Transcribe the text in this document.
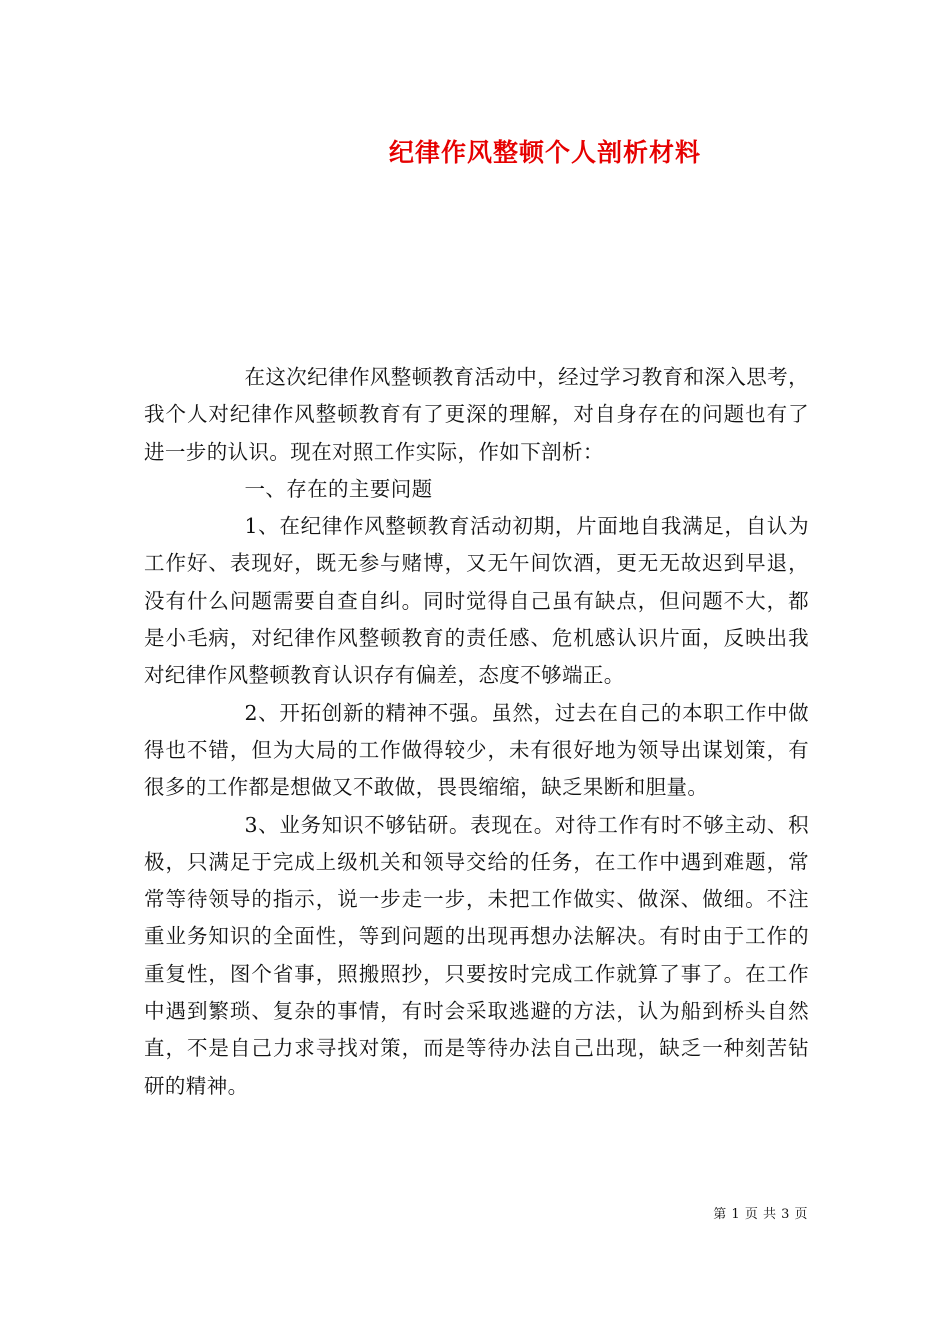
纪律作风整顿个人剖析材料

在这次纪律作风整顿教育活动中，经过学习教育和深入思考，我个人对纪律作风整顿教育有了更深的理解，对自身存在的问题也有了进一步的认识。现在对照工作实际，作如下剖析：

一、存在的主要问题

1、在纪律作风整顿教育活动初期，片面地自我满足，自认为工作好、表现好，既无参与赌博，又无午间饮酒，更无无故迟到早退，没有什么问题需要自查自纠。同时觉得自己虽有缺点，但问题不大，都是小毛病，对纪律作风整顿教育的责任感、危机感认识片面，反映出我对纪律作风整顿教育认识存有偏差，态度不够端正。

2、开拓创新的精神不强。虽然，过去在自己的本职工作中做得也不错，但为大局的工作做得较少，未有很好地为领导出谋划策，有很多的工作都是想做又不敢做，畏畏缩缩，缺乏果断和胆量。

3、业务知识不够钻研。表现在。对待工作有时不够主动、积极，只满足于完成上级机关和领导交给的任务，在工作中遇到难题，常常等待领导的指示，说一步走一步，未把工作做实、做深、做细。不注重业务知识的全面性，等到问题的出现再想办法解决。有时由于工作的重复性，图个省事，照搬照抄，只要按时完成工作就算了事了。在工作中遇到繁琐、复杂的事情，有时会采取逃避的方法，认为船到桥头自然直，不是自己力求寻找对策，而是等待办法自己出现，缺乏一种刻苦钻研的精神。

第 1 页 共 3 页
